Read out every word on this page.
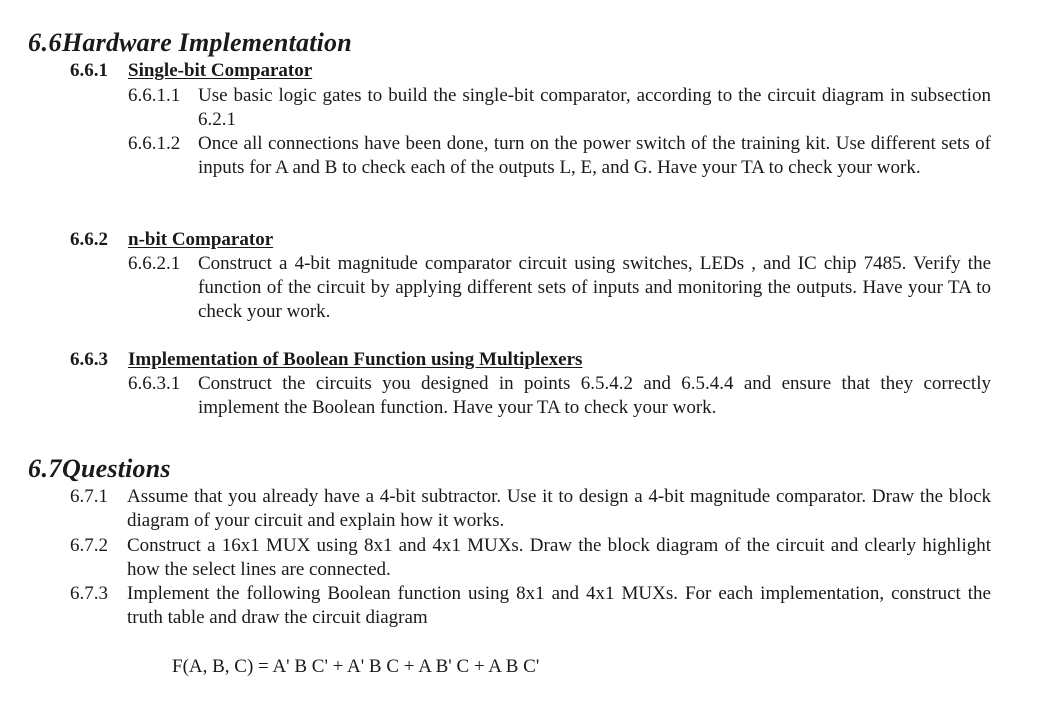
6.6Hardware Implementation
6.6.1 Single-bit Comparator
6.6.1.1 Use basic logic gates to build the single-bit comparator, according to the circuit diagram in subsection 6.2.1
6.6.1.2 Once all connections have been done, turn on the power switch of the training kit. Use different sets of inputs for A and B to check each of the outputs L, E, and G. Have your TA to check your work.
6.6.2 n-bit Comparator
6.6.2.1 Construct a 4-bit magnitude comparator circuit using switches, LEDs , and IC chip 7485. Verify the function of the circuit by applying different sets of inputs and monitoring the outputs. Have your TA to check your work.
6.6.3 Implementation of Boolean Function using Multiplexers
6.6.3.1 Construct the circuits you designed in points 6.5.4.2 and 6.5.4.4 and ensure that they correctly implement the Boolean function. Have your TA to check your work.
6.7Questions
6.7.1 Assume that you already have a 4-bit subtractor. Use it to design a 4-bit magnitude comparator. Draw the block diagram of your circuit and explain how it works.
6.7.2 Construct a 16x1 MUX using 8x1 and 4x1 MUXs. Draw the block diagram of the circuit and clearly highlight how the select lines are connected.
6.7.3 Implement the following Boolean function using 8x1 and 4x1 MUXs. For each implementation, construct the truth table and draw the circuit diagram
F(A, B, C) = A' B C' + A' B C + A B' C + A B C'
